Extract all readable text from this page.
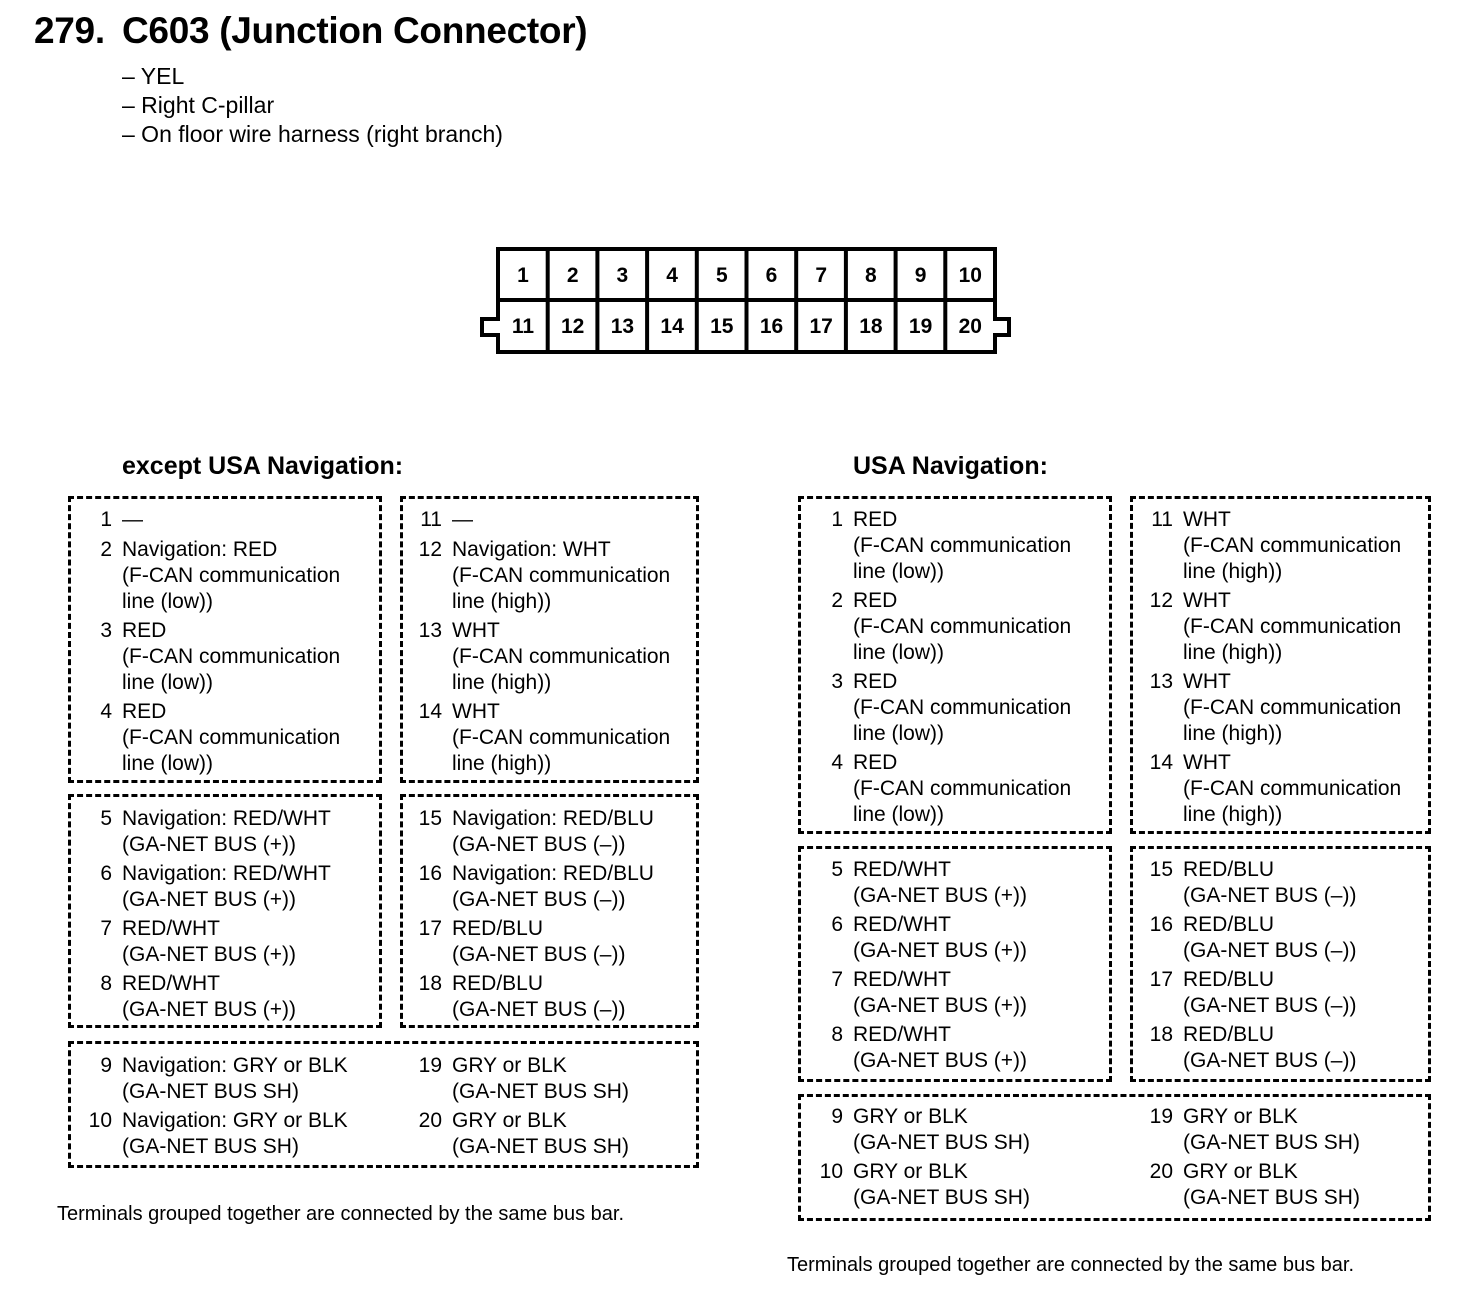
279. C603 (Junction Connector)
– YEL
– Right C-pillar
– On floor wire harness (right branch)
1	2	3	4	5	6	7	8	9	10
11	12	13	14	15	16	17	18	19	20
except USA Navigation:
1 —
2 Navigation: RED
(F-CAN communication
line (low))
3 RED
(F-CAN communication
line (low))
4 RED
(F-CAN communication
line (low))
11 —
12 Navigation: WHT
(F-CAN communication
line (high))
13 WHT
(F-CAN communication
line (high))
14 WHT
(F-CAN communication
line (high))
5 Navigation: RED/WHT
(GA-NET BUS (+))
6 Navigation: RED/WHT
(GA-NET BUS (+))
7 RED/WHT
(GA-NET BUS (+))
8 RED/WHT
(GA-NET BUS (+))
15 Navigation: RED/BLU
(GA-NET BUS (–))
16 Navigation: RED/BLU
(GA-NET BUS (–))
17 RED/BLU
(GA-NET BUS (–))
18 RED/BLU
(GA-NET BUS (–))
9 Navigation: GRY or BLK
(GA-NET BUS SH)
10 Navigation: GRY or BLK
(GA-NET BUS SH)
19 GRY or BLK
(GA-NET BUS SH)
20 GRY or BLK
(GA-NET BUS SH)
Terminals grouped together are connected by the same bus bar.
USA Navigation:
1 RED
(F-CAN communication
line (low))
2 RED
(F-CAN communication
line (low))
3 RED
(F-CAN communication
line (low))
4 RED
(F-CAN communication
line (low))
11 WHT
(F-CAN communication
line (high))
12 WHT
(F-CAN communication
line (high))
13 WHT
(F-CAN communication
line (high))
14 WHT
(F-CAN communication
line (high))
5 RED/WHT
(GA-NET BUS (+))
6 RED/WHT
(GA-NET BUS (+))
7 RED/WHT
(GA-NET BUS (+))
8 RED/WHT
(GA-NET BUS (+))
15 RED/BLU
(GA-NET BUS (–))
16 RED/BLU
(GA-NET BUS (–))
17 RED/BLU
(GA-NET BUS (–))
18 RED/BLU
(GA-NET BUS (–))
9 GRY or BLK
(GA-NET BUS SH)
10 GRY or BLK
(GA-NET BUS SH)
19 GRY or BLK
(GA-NET BUS SH)
20 GRY or BLK
(GA-NET BUS SH)
Terminals grouped together are connected by the same bus bar.
